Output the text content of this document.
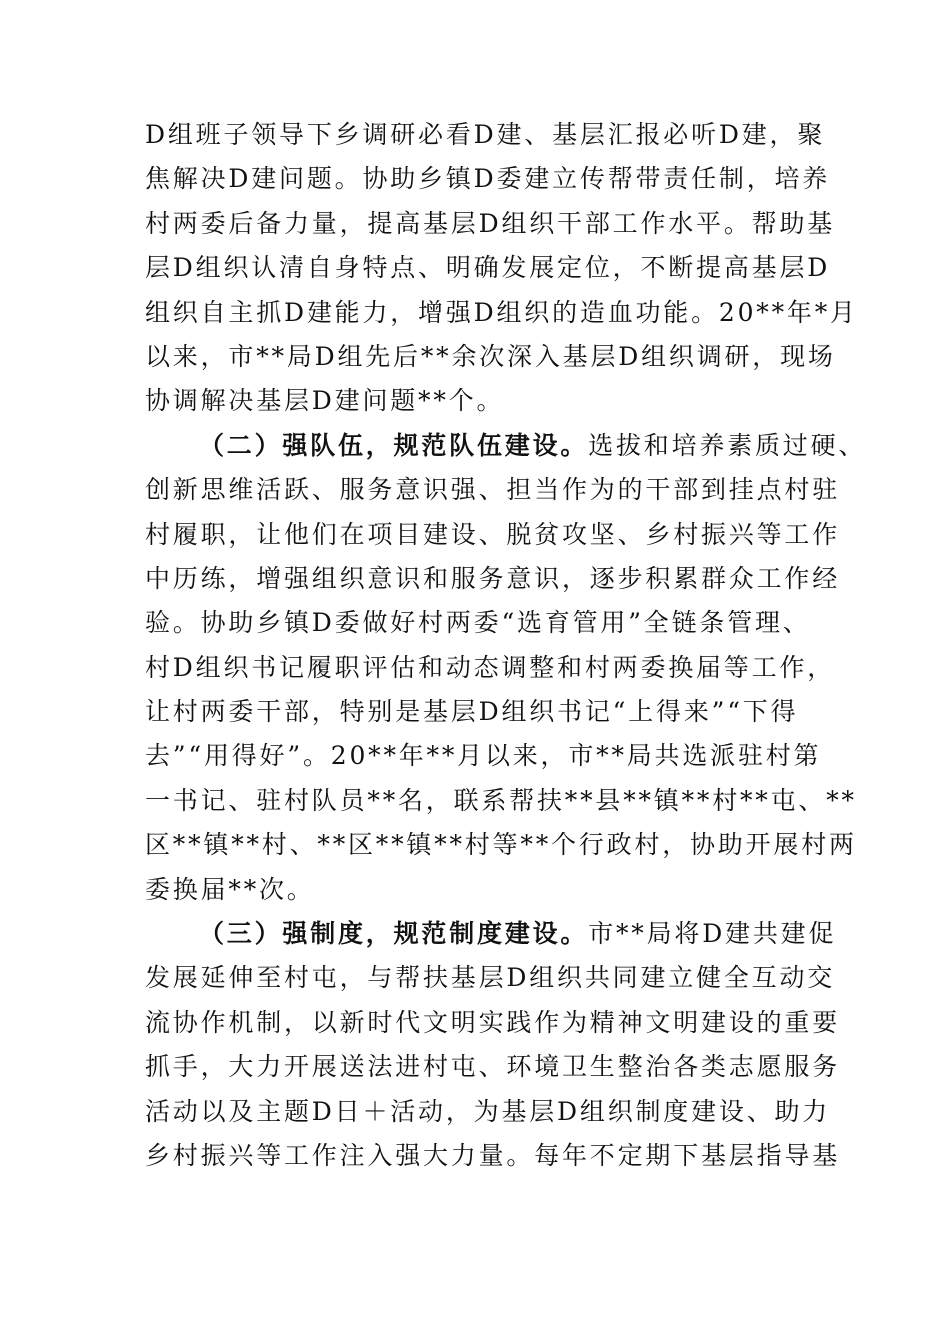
D组班子领导下乡调研必看D建、基层汇报必听D建，聚
焦解决D建问题。协助乡镇D委建立传帮带责任制，培养
村两委后备力量，提高基层D组织干部工作水平。帮助基
层D组织认清自身特点、明确发展定位，不断提高基层D
组织自主抓D建能力，增强D组织的造血功能。20**年*月
以来，市**局D组先后**余次深入基层D组织调研，现场
协调解决基层D建问题**个。
（二）强队伍，规范队伍建设。选拔和培养素质过硬、
创新思维活跃、服务意识强、担当作为的干部到挂点村驻
村履职，让他们在项目建设、脱贫攻坚、乡村振兴等工作
中历练，增强组织意识和服务意识，逐步积累群众工作经
验。协助乡镇D委做好村两委“选育管用”全链条管理、
村D组织书记履职评估和动态调整和村两委换届等工作，
让村两委干部，特别是基层D组织书记“上得来”“下得
去”“用得好”。20**年**月以来，市**局共选派驻村第
一书记、驻村队员**名，联系帮扶**县**镇**村**屯、**
区**镇**村、**区**镇**村等**个行政村，协助开展村两
委换届**次。
（三）强制度，规范制度建设。市**局将D建共建促
发展延伸至村屯，与帮扶基层D组织共同建立健全互动交
流协作机制，以新时代文明实践作为精神文明建设的重要
抓手，大力开展送法进村屯、环境卫生整治各类志愿服务
活动以及主题D日＋活动，为基层D组织制度建设、助力
乡村振兴等工作注入强大力量。每年不定期下基层指导基
